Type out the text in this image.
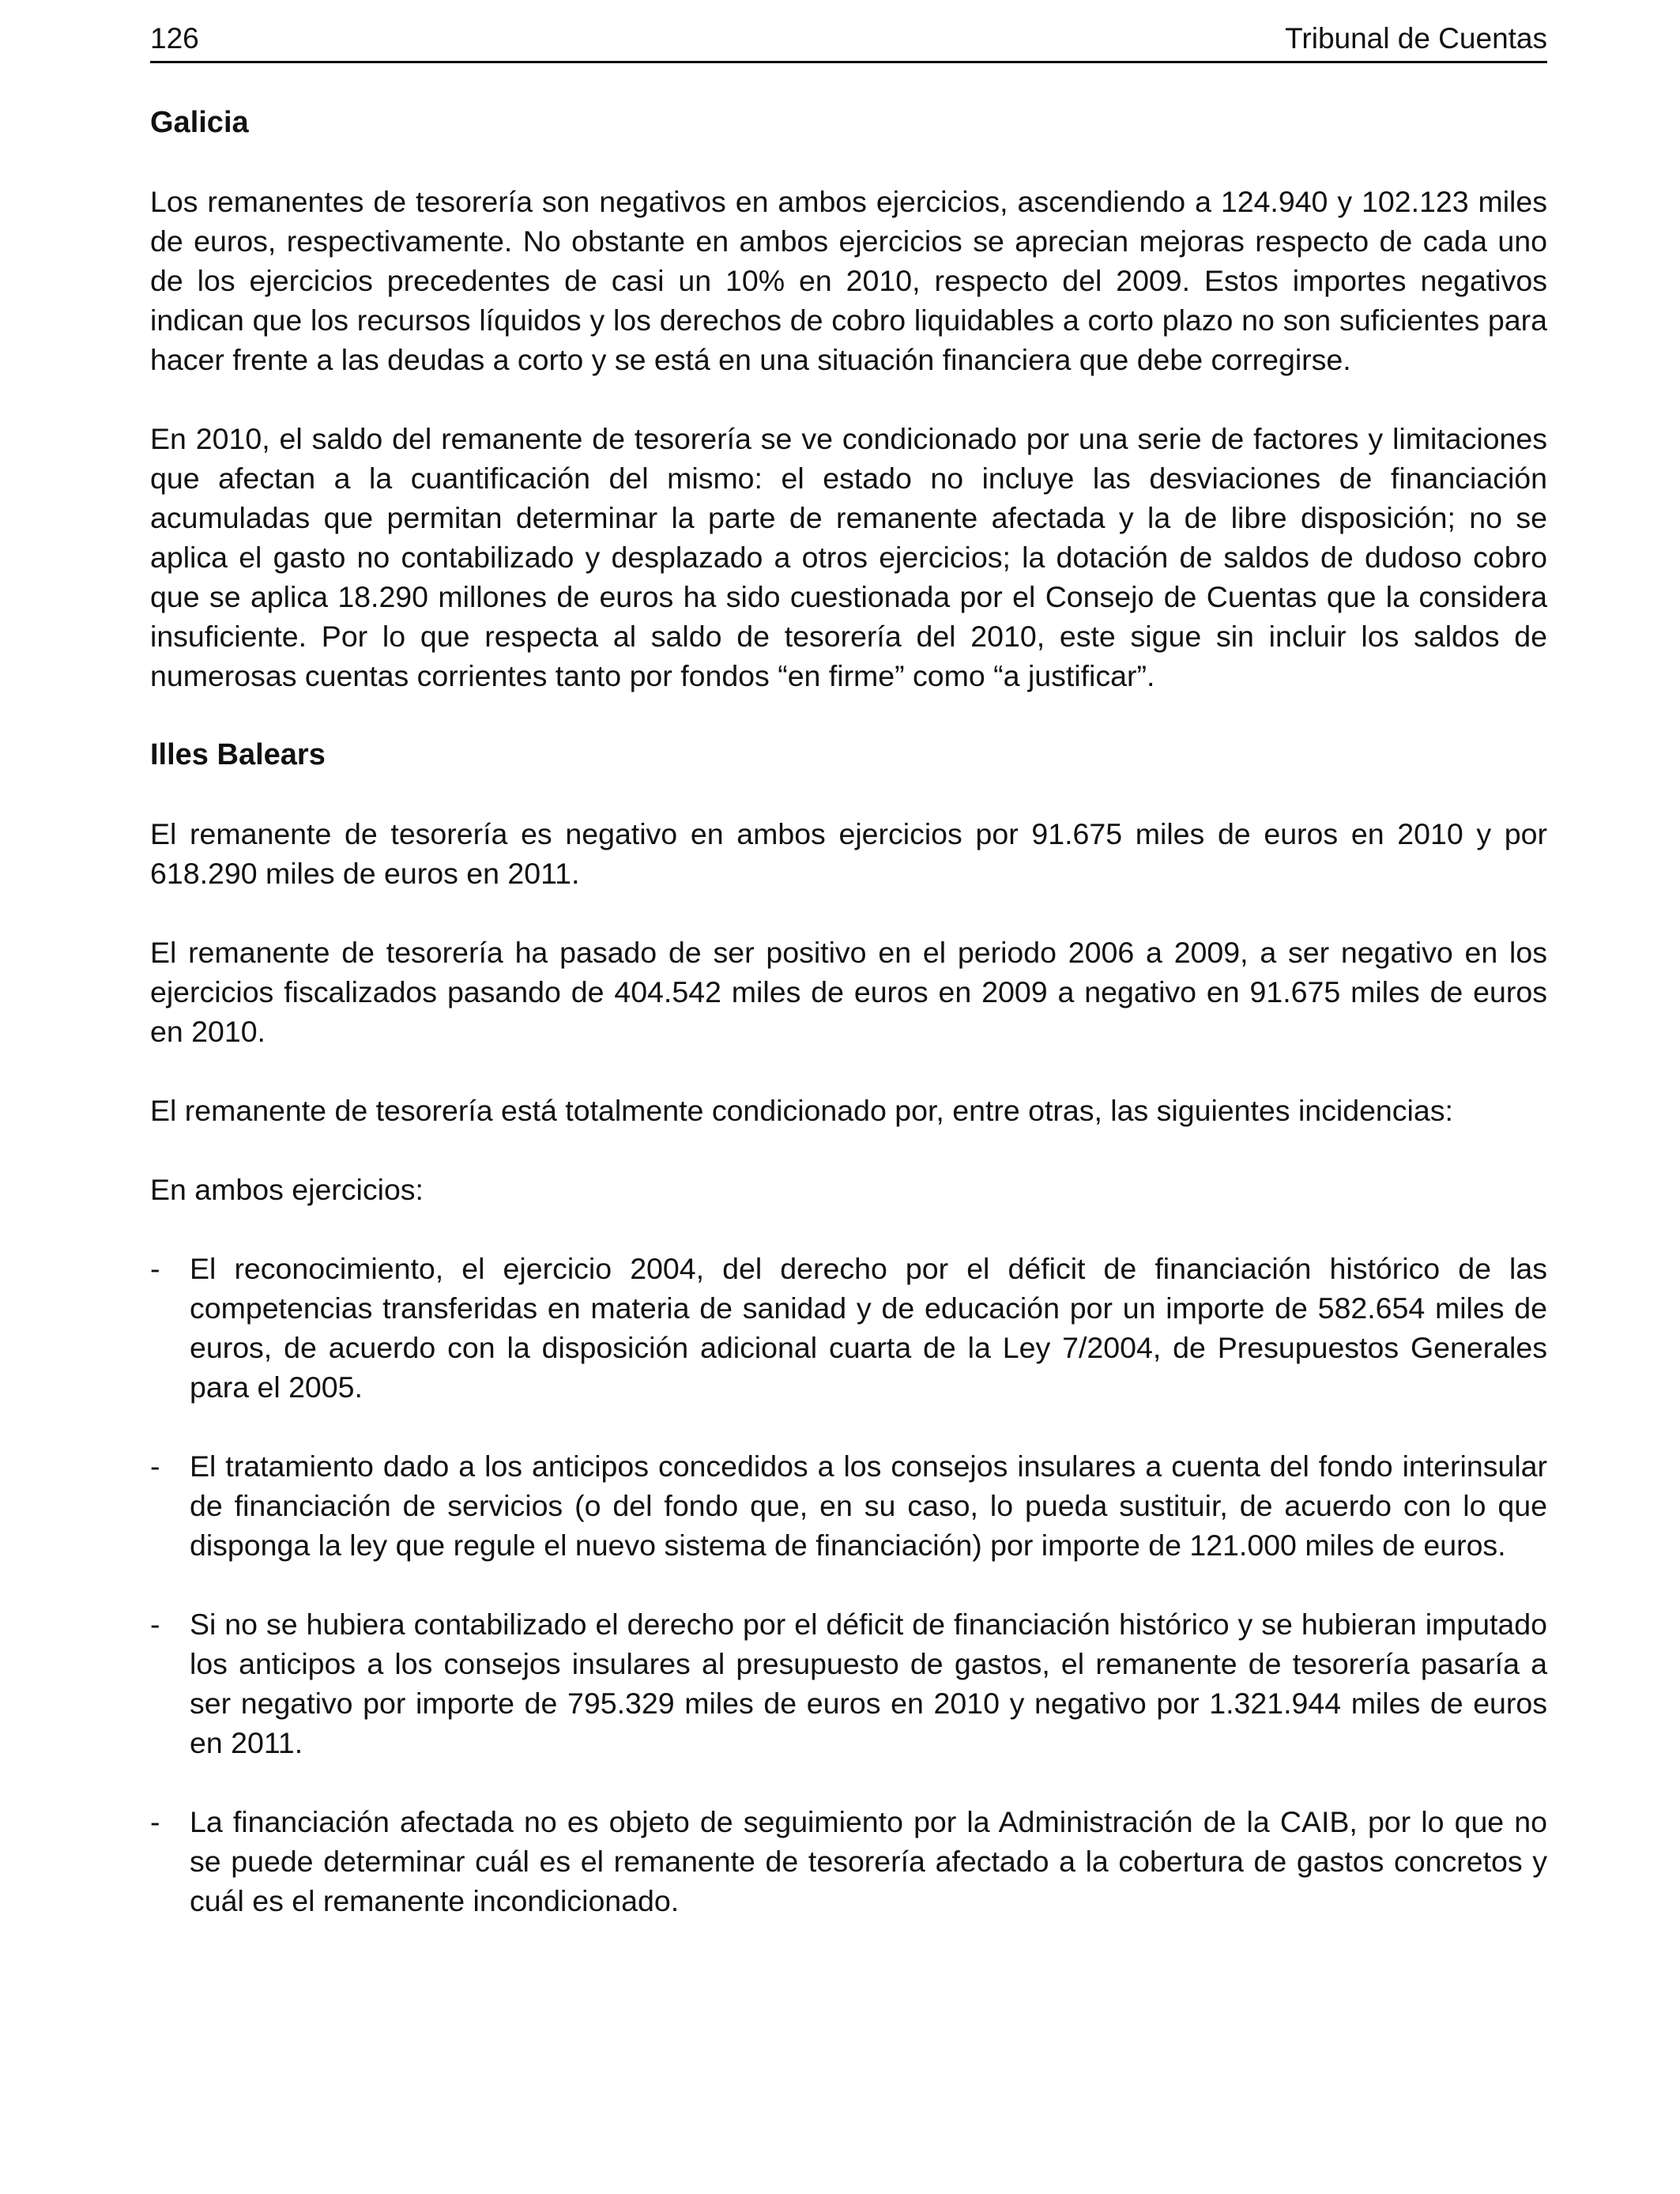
126	Tribunal de Cuentas
Galicia

Los remanentes de tesorería son negativos en ambos ejercicios, ascendiendo a 124.940 y 102.123 miles de euros, respectivamente. No obstante en ambos ejercicios se aprecian mejoras respecto de cada uno de los ejercicios precedentes de casi un 10% en 2010, respecto del 2009. Estos importes negativos indican que los recursos líquidos y los derechos de cobro liquidables a corto plazo no son suficientes para hacer frente a las deudas a corto y se está en una situación financiera que debe corregirse.

En 2010, el saldo del remanente de tesorería se ve condicionado por una serie de factores y limitaciones que afectan a la cuantificación del mismo: el estado no incluye las desviaciones de financiación acumuladas que permitan determinar la parte de remanente afectada y la de libre disposición; no se aplica el gasto no contabilizado y desplazado a otros ejercicios; la dotación de saldos de dudoso cobro que se aplica 18.290 millones de euros ha sido cuestionada por el Consejo de Cuentas que la considera insuficiente. Por lo que respecta al saldo de tesorería del 2010, este sigue sin incluir los saldos de numerosas cuentas corrientes tanto por fondos “en firme” como “a justificar”.

Illes Balears

El remanente de tesorería es negativo en ambos ejercicios por 91.675 miles de euros en 2010 y por 618.290 miles de euros en 2011.

El remanente de tesorería ha pasado de ser positivo en el periodo 2006 a 2009, a ser negativo en los ejercicios fiscalizados pasando de 404.542 miles de euros en 2009 a negativo en 91.675 miles de euros en 2010.

El remanente de tesorería está totalmente condicionado por, entre otras, las siguientes incidencias:

En ambos ejercicios:

- El reconocimiento, el ejercicio 2004, del derecho por el déficit de financiación histórico de las competencias transferidas en materia de sanidad y de educación por un importe de 582.654 miles de euros, de acuerdo con la disposición adicional cuarta de la Ley 7/2004, de Presupuestos Generales para el 2005.
- El tratamiento dado a los anticipos concedidos a los consejos insulares a cuenta del fondo interinsular de financiación de servicios (o del fondo que, en su caso, lo pueda sustituir, de acuerdo con lo que disponga la ley que regule el nuevo sistema de financiación) por importe de 121.000 miles de euros.
- Si no se hubiera contabilizado el derecho por el déficit de financiación histórico y se hubieran imputado los anticipos a los consejos insulares al presupuesto de gastos, el remanente de tesorería pasaría a ser negativo por importe de 795.329 miles de euros en 2010 y negativo por 1.321.944 miles de euros en 2011.
- La financiación afectada no es objeto de seguimiento por la Administración de la CAIB, por lo que no se puede determinar cuál es el remanente de tesorería afectado a la cobertura de gastos concretos y cuál es el remanente incondicionado.
